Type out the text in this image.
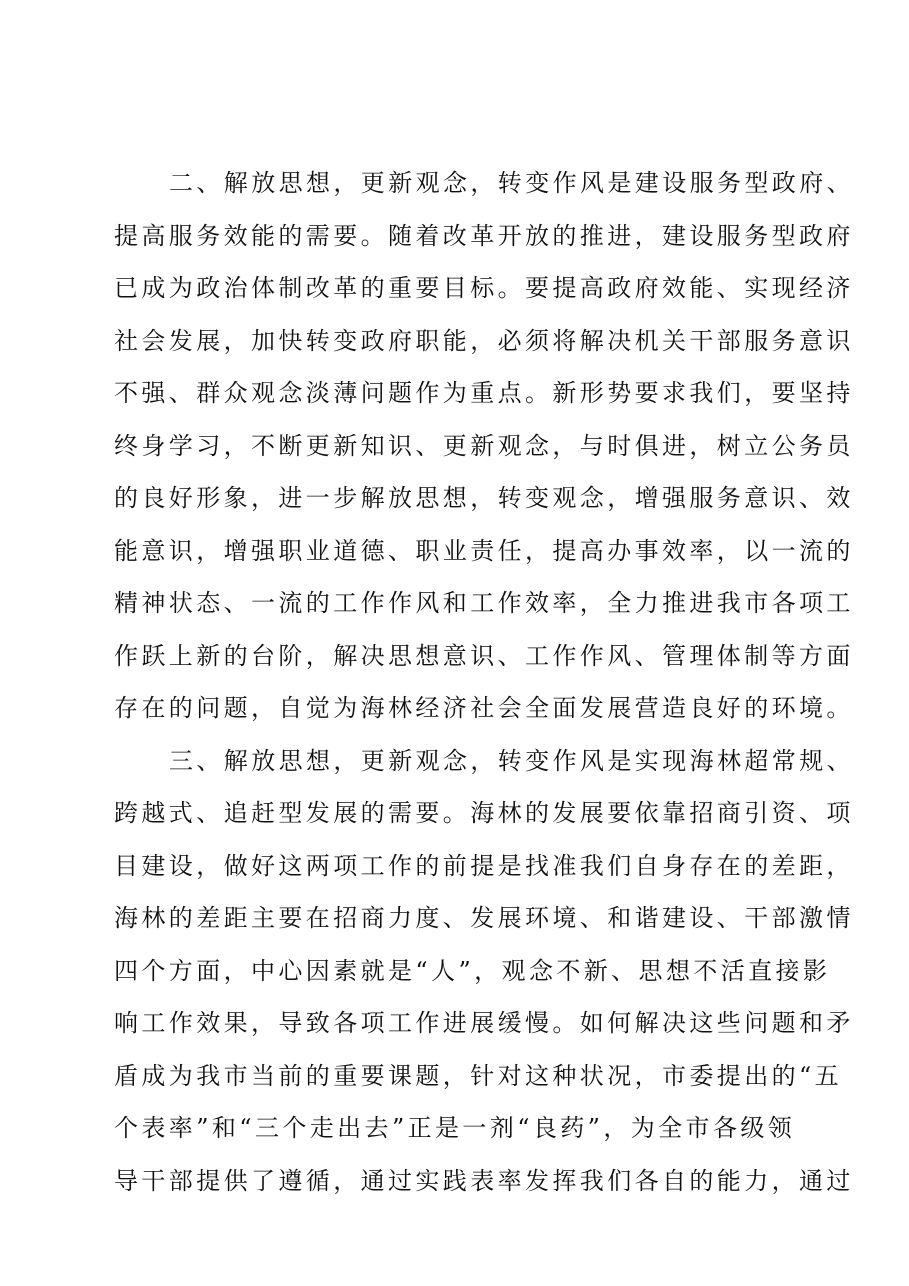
二、解放思想，更新观念，转变作风是建设服务型政府、
提高服务效能的需要。随着改革开放的推进，建设服务型政府
已成为政治体制改革的重要目标。要提高政府效能、实现经济
社会发展，加快转变政府职能，必须将解决机关干部服务意识
不强、群众观念淡薄问题作为重点。新形势要求我们，要坚持
终身学习，不断更新知识、更新观念，与时俱进，树立公务员
的良好形象，进一步解放思想，转变观念，增强服务意识、效
能意识，增强职业道德、职业责任，提高办事效率，以一流的
精神状态、一流的工作作风和工作效率，全力推进我市各项工
作跃上新的台阶，解决思想意识、工作作风、管理体制等方面
存在的问题，自觉为海林经济社会全面发展营造良好的环境。

三、解放思想，更新观念，转变作风是实现海林超常规、
跨越式、追赶型发展的需要。海林的发展要依靠招商引资、项
目建设，做好这两项工作的前提是找准我们自身存在的差距，
海林的差距主要在招商力度、发展环境、和谐建设、干部激情
四个方面，中心因素就是“人”，观念不新、思想不活直接影
响工作效果，导致各项工作进展缓慢。如何解决这些问题和矛
盾成为我市当前的重要课题，针对这种状况，市委提出的“五
个表率”和“三个走出去”正是一剂“良药”，为全市各级领
导干部提供了遵循，通过实践表率发挥我们各自的能力，通过
